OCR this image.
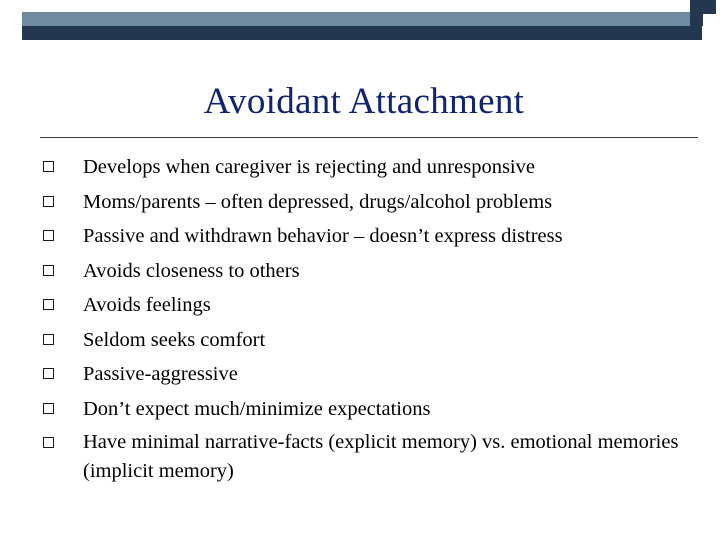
Avoidant Attachment
Develops when caregiver is rejecting and unresponsive
Moms/parents – often depressed, drugs/alcohol problems
Passive and withdrawn behavior – doesn’t express distress
Avoids closeness to others
Avoids feelings
Seldom seeks comfort
Passive-aggressive
Don’t expect much/minimize expectations
Have minimal narrative-facts (explicit memory) vs. emotional memories (implicit memory)
